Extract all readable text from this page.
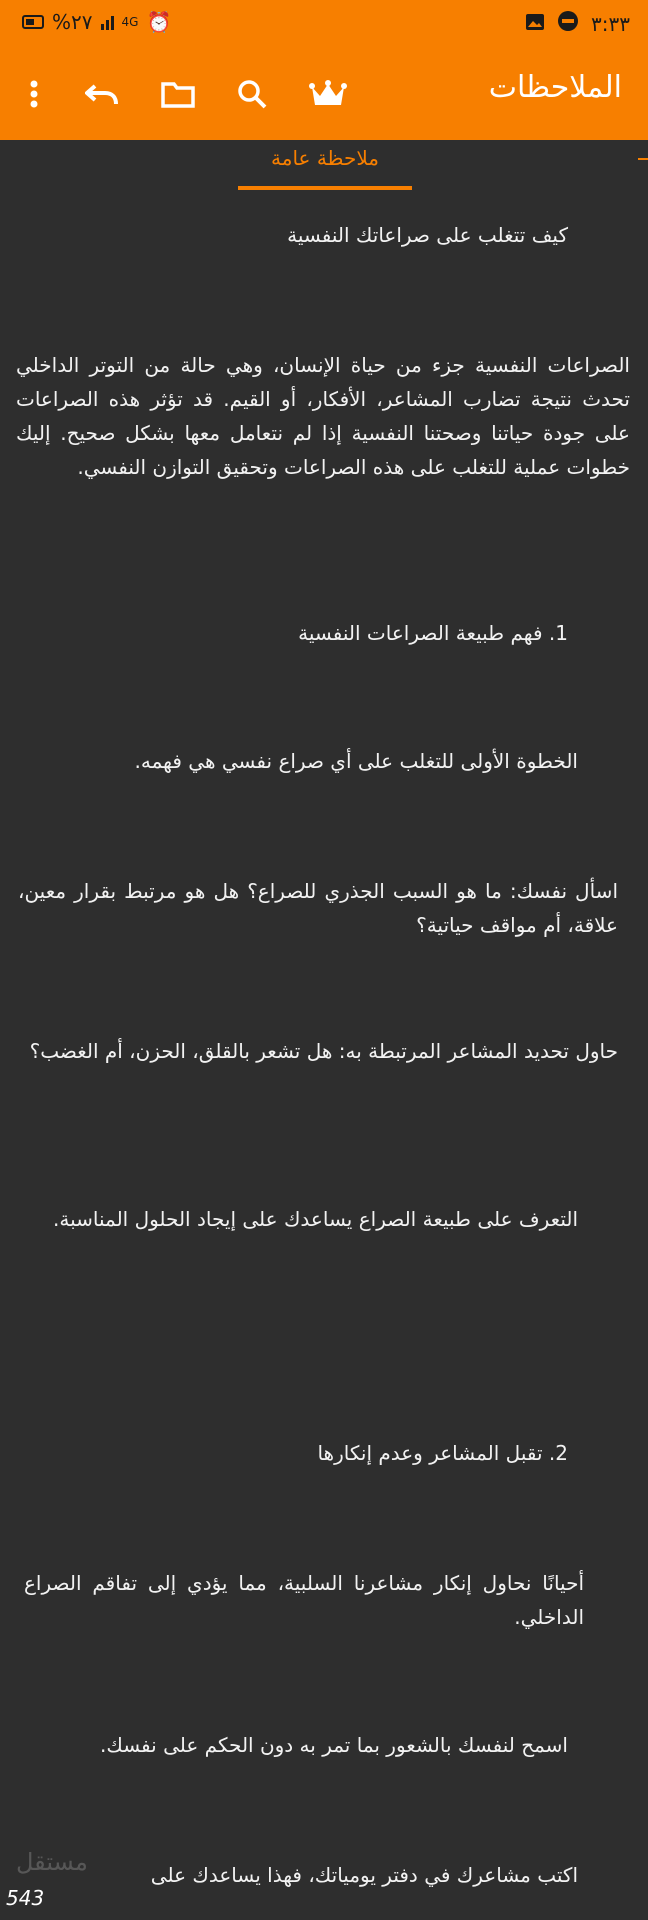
%٢٧ 4G ⏰	٣:٣٣
الملاحظات
ملاحظة عامة
كيف تتغلب على صراعاتك النفسية
الصراعات النفسية جزء من حياة الإنسان، وهي حالة من التوتر الداخلي تحدث نتيجة تضارب المشاعر، الأفكار، أو القيم. قد تؤثر هذه الصراعات على جودة حياتنا وصحتنا النفسية إذا لم نتعامل معها بشكل صحيح. إليك خطوات عملية للتغلب على هذه الصراعات وتحقيق التوازن النفسي.
1. فهم طبيعة الصراعات النفسية
الخطوة الأولى للتغلب على أي صراع نفسي هي فهمه.
اسأل نفسك: ما هو السبب الجذري للصراع؟ هل هو مرتبط بقرار معين، علاقة، أم مواقف حياتية؟
حاول تحديد المشاعر المرتبطة به: هل تشعر بالقلق، الحزن، أم الغضب؟
التعرف على طبيعة الصراع يساعدك على إيجاد الحلول المناسبة.
2. تقبل المشاعر وعدم إنكارها
أحيانًا نحاول إنكار مشاعرنا السلبية، مما يؤدي إلى تفاقم الصراع الداخلي.
اسمح لنفسك بالشعور بما تمر به دون الحكم على نفسك.
اكتب مشاعرك في دفتر يومياتك، فهذا يساعدك على
مستقل
543
